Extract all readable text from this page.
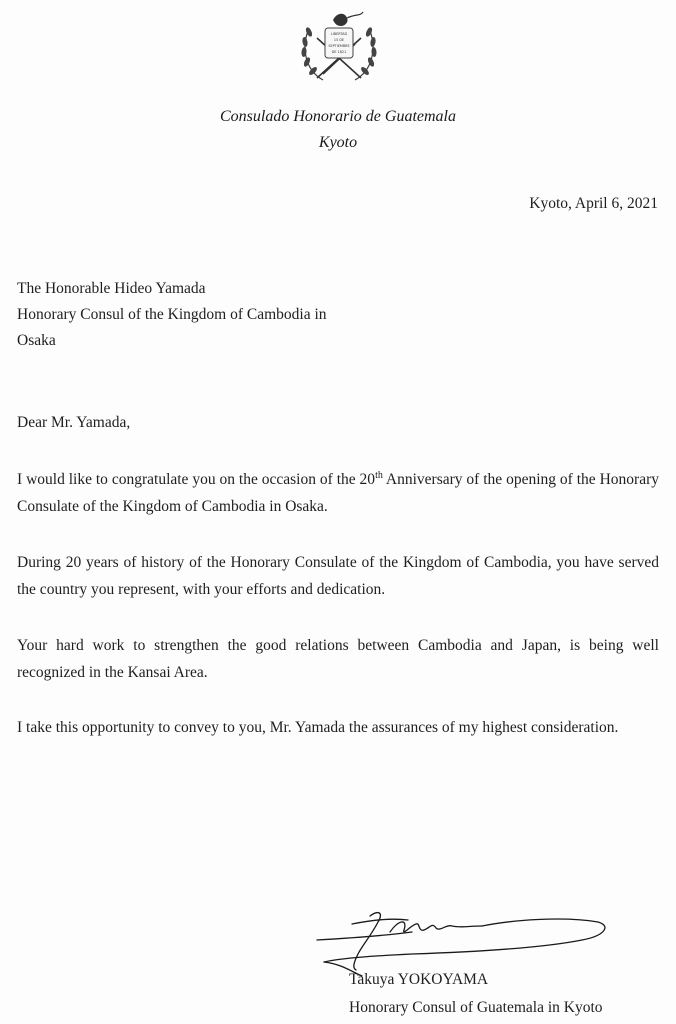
LIBERTAD
15 DE
SEPTIEMBRE
DE 1821
Consulado Honorario de Guatemala
Kyoto
Kyoto, April 6, 2021
The Honorable Hideo Yamada
Honorary Consul of the Kingdom of Cambodia in
Osaka
Dear Mr. Yamada,
I would like to congratulate you on the occasion of the 20th Anniversary of the opening of the Honorary Consulate of the Kingdom of Cambodia in Osaka.
During 20 years of history of the Honorary Consulate of the Kingdom of Cambodia, you have served the country you represent, with your efforts and dedication.
Your hard work to strengthen the good relations between Cambodia and Japan, is being well recognized in the Kansai Area.
I take this opportunity to convey to you, Mr. Yamada the assurances of my highest consideration.
Takuya YOKOYAMA
Honorary Consul of Guatemala in Kyoto
